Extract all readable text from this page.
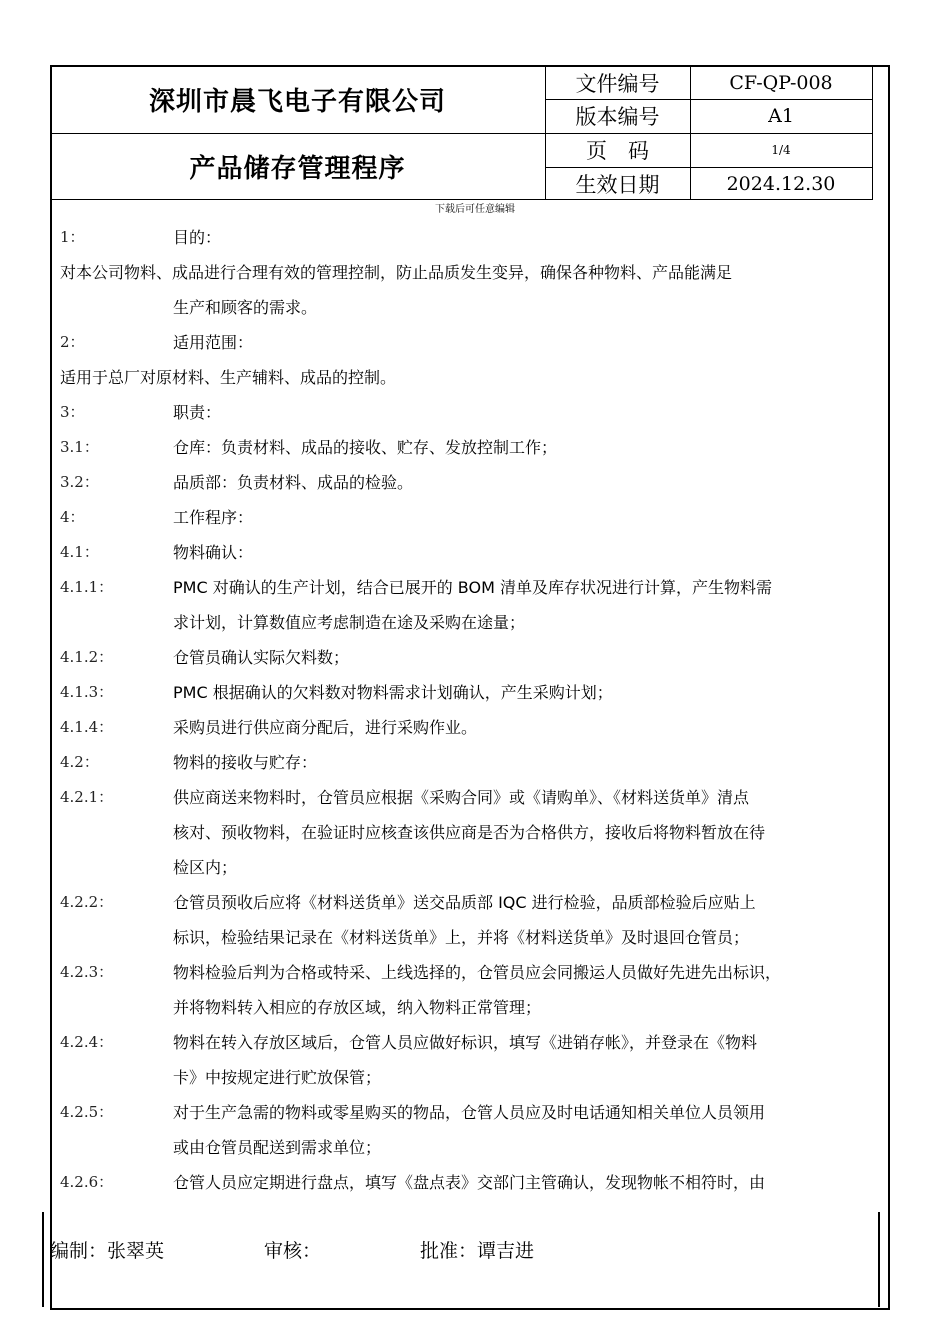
深圳市晨飞电子有限公司
产品储存管理程序
文件编号	CF-QP-008
版本编号	A1
页　码	1/4
生效日期	2024.12.30
下载后可任意编辑
1：	目的：
对本公司物料、成品进行合理有效的管理控制，防止品质发生变异，确保各种物料、产品能满足
生产和顾客的需求。
2：	适用范围：
适用于总厂对原材料、生产辅料、成品的控制。
3：	职责：
3.1：	仓库：负责材料、成品的接收、贮存、发放控制工作；
3.2：	品质部：负责材料、成品的检验。
4：	工作程序：
4.1：	物料确认：
4.1.1：	PMC 对确认的生产计划，结合已展开的 BOM 清单及库存状况进行计算，产生物料需
求计划，计算数值应考虑制造在途及采购在途量；
4.1.2：	仓管员确认实际欠料数；
4.1.3：	PMC 根据确认的欠料数对物料需求计划确认，产生采购计划；
4.1.4：	采购员进行供应商分配后，进行采购作业。
4.2：	物料的接收与贮存：
4.2.1：	供应商送来物料时，仓管员应根据《采购合同》或《请购单》、《材料送货单》清点
核对、预收物料，在验证时应核查该供应商是否为合格供方，接收后将物料暂放在待
检区内；
4.2.2：	仓管员预收后应将《材料送货单》送交品质部 IQC 进行检验，品质部检验后应贴上
标识，检验结果记录在《材料送货单》上，并将《材料送货单》及时退回仓管员；
4.2.3：	物料检验后判为合格或特采、上线选择的，仓管员应会同搬运人员做好先进先出标识，
并将物料转入相应的存放区域，纳入物料正常管理；
4.2.4：	物料在转入存放区域后，仓管人员应做好标识，填写《进销存帐》，并登录在《物料
卡》中按规定进行贮放保管；
4.2.5：	对于生产急需的物料或零星购买的物品，仓管人员应及时电话通知相关单位人员领用
或由仓管员配送到需求单位；
4.2.6：	仓管人员应定期进行盘点，填写《盘点表》交部门主管确认，发现物帐不相符时，由
编制：张翠英	审核：	批准：谭吉进
